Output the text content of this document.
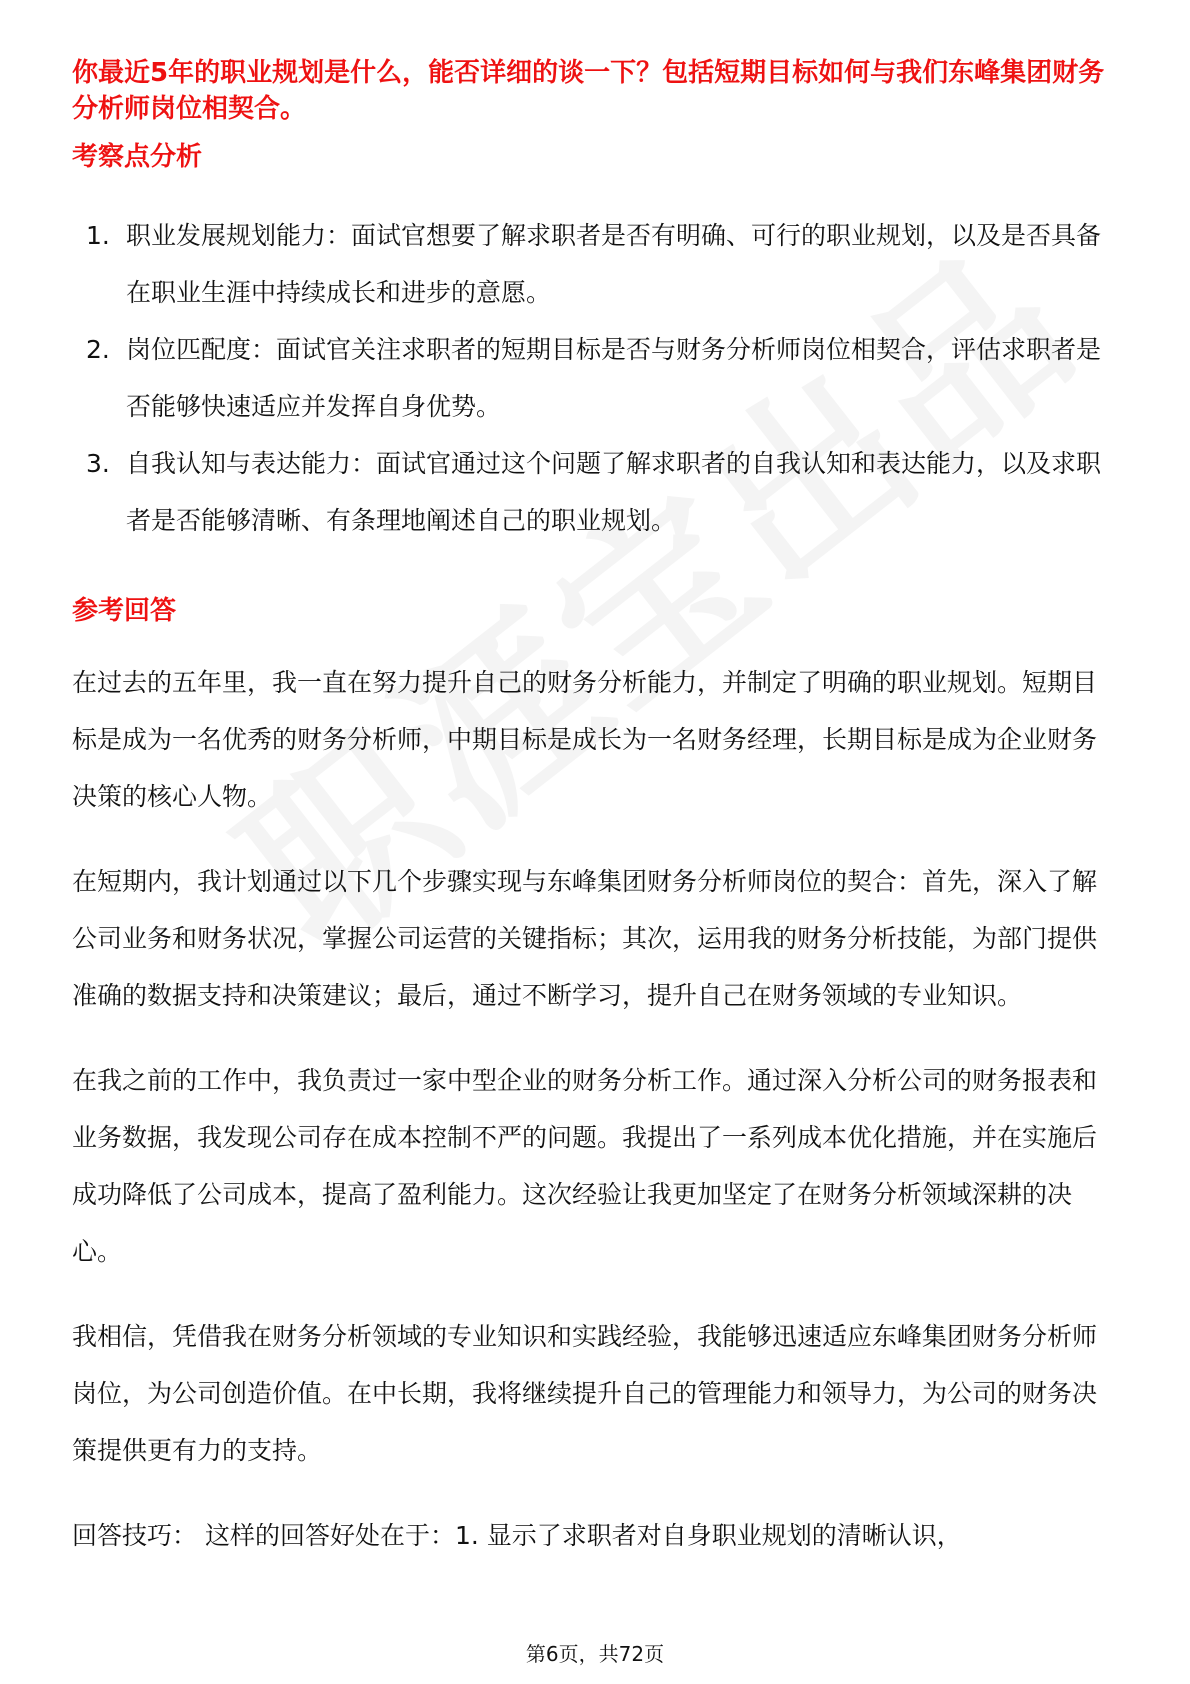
你最近5年的职业规划是什么，能否详细的谈一下？包括短期目标如何与我们东峰集团财务分析师岗位相契合。

考察点分析
1. 职业发展规划能力：面试官想要了解求职者是否有明确、可行的职业规划，以及是否具备在职业生涯中持续成长和进步的意愿。
2. 岗位匹配度：面试官关注求职者的短期目标是否与财务分析师岗位相契合，评估求职者是否能够快速适应并发挥自身优势。
3. 自我认知与表达能力：面试官通过这个问题了解求职者的自我认知和表达能力，以及求职者是否能够清晰、有条理地阐述自己的职业规划。
参考回答

在过去的五年里，我一直在努力提升自己的财务分析能力，并制定了明确的职业规划。短期目标是成为一名优秀的财务分析师，中期目标是成长为一名财务经理，长期目标是成为企业财务决策的核心人物。

在短期内，我计划通过以下几个步骤实现与东峰集团财务分析师岗位的契合：首先，深入了解公司业务和财务状况，掌握公司运营的关键指标；其次，运用我的财务分析技能，为部门提供准确的数据支持和决策建议；最后，通过不断学习，提升自己在财务领域的专业知识。

在我之前的工作中，我负责过一家中型企业的财务分析工作。通过深入分析公司的财务报表和业务数据，我发现公司存在成本控制不严的问题。我提出了一系列成本优化措施，并在实施后成功降低了公司成本，提高了盈利能力。这次经验让我更加坚定了在财务分析领域深耕的决心。

我相信，凭借我在财务分析领域的专业知识和实践经验，我能够迅速适应东峰集团财务分析师岗位，为公司创造价值。在中长期，我将继续提升自己的管理能力和领导力，为公司的财务决策提供更有力的支持。

回答技巧： 这样的回答好处在于：1. 显示了求职者对自身职业规划的清晰认识，

第6页，共72页
